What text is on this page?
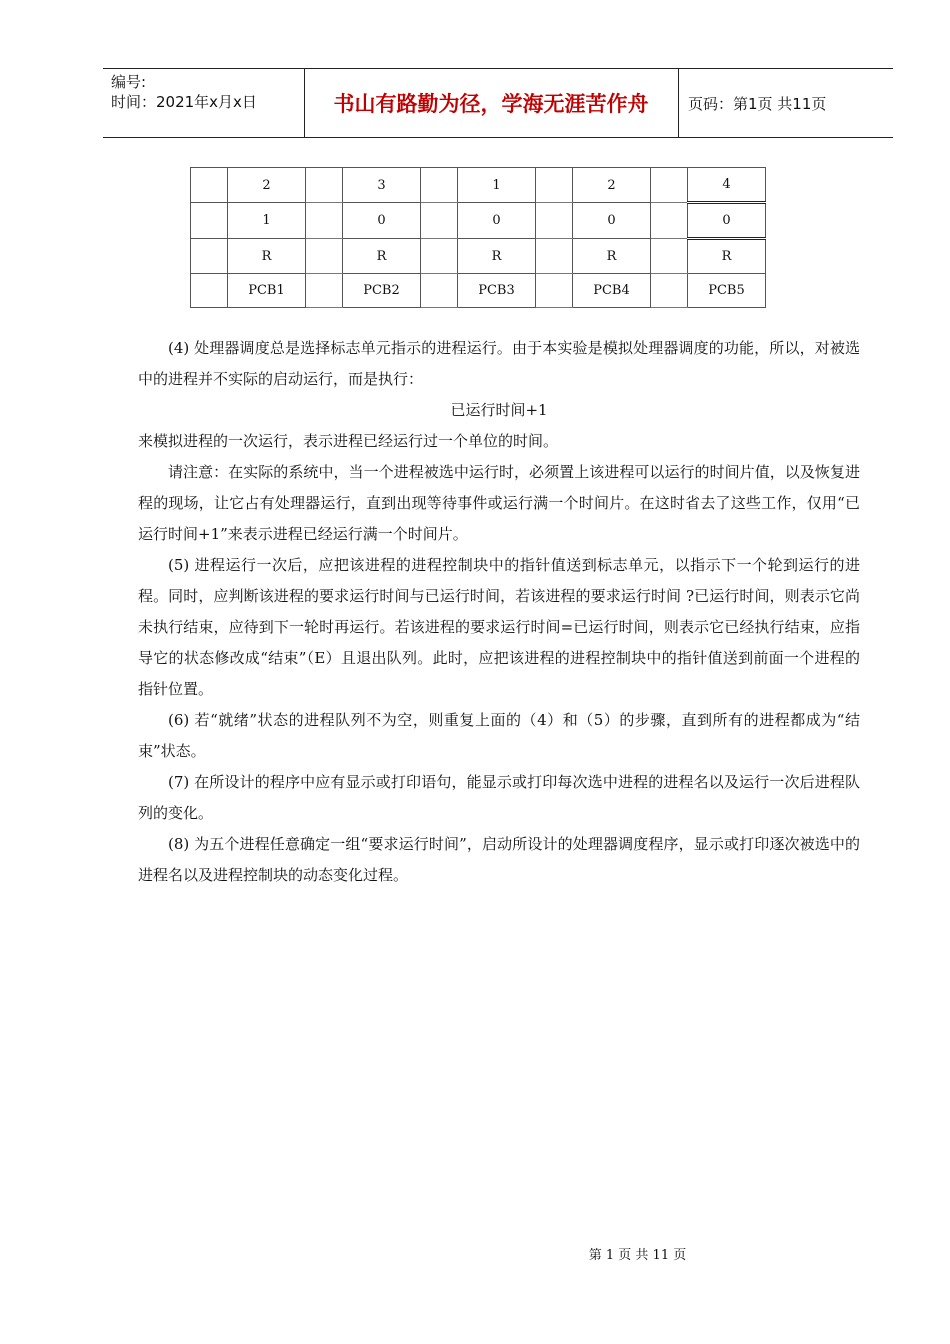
编号:
时间：2021年x月x日	书山有路勤为径，学海无涯苦作舟	页码：第1页 共11页
	2		3		1		2		4
	1		0		0		0		0
	R		R		R		R		R
	PCB1		PCB2		PCB3		PCB4		PCB5

(4) 处理器调度总是选择标志单元指示的进程运行。由于本实验是模拟处理器调度的功能，所以，对被选中的进程并不实际的启动运行，而是执行：

已运行时间+1

来模拟进程的一次运行，表示进程已经运行过一个单位的时间。

请注意：在实际的系统中，当一个进程被选中运行时，必须置上该进程可以运行的时间片值，以及恢复进程的现场，让它占有处理器运行，直到出现等待事件或运行满一个时间片。在这时省去了这些工作，仅用“已运行时间+1”来表示进程已经运行满一个时间片。

(5) 进程运行一次后，应把该进程的进程控制块中的指针值送到标志单元，以指示下一个轮到运行的进程。同时，应判断该进程的要求运行时间与已运行时间，若该进程的要求运行时间 ?已运行时间，则表示它尚未执行结束，应待到下一轮时再运行。若该进程的要求运行时间=已运行时间，则表示它已经执行结束，应指导它的状态修改成“结束”（E）且退出队列。此时，应把该进程的进程控制块中的指针值送到前面一个进程的指针位置。

(6) 若“就绪”状态的进程队列不为空，则重复上面的（4）和（5）的步骤，直到所有的进程都成为“结束”状态。

(7) 在所设计的程序中应有显示或打印语句，能显示或打印每次选中进程的进程名以及运行一次后进程队列的变化。

(8) 为五个进程任意确定一组“要求运行时间”，启动所设计的处理器调度程序，显示或打印逐次被选中的进程名以及进程控制块的动态变化过程。

第 1 页 共 11 页
